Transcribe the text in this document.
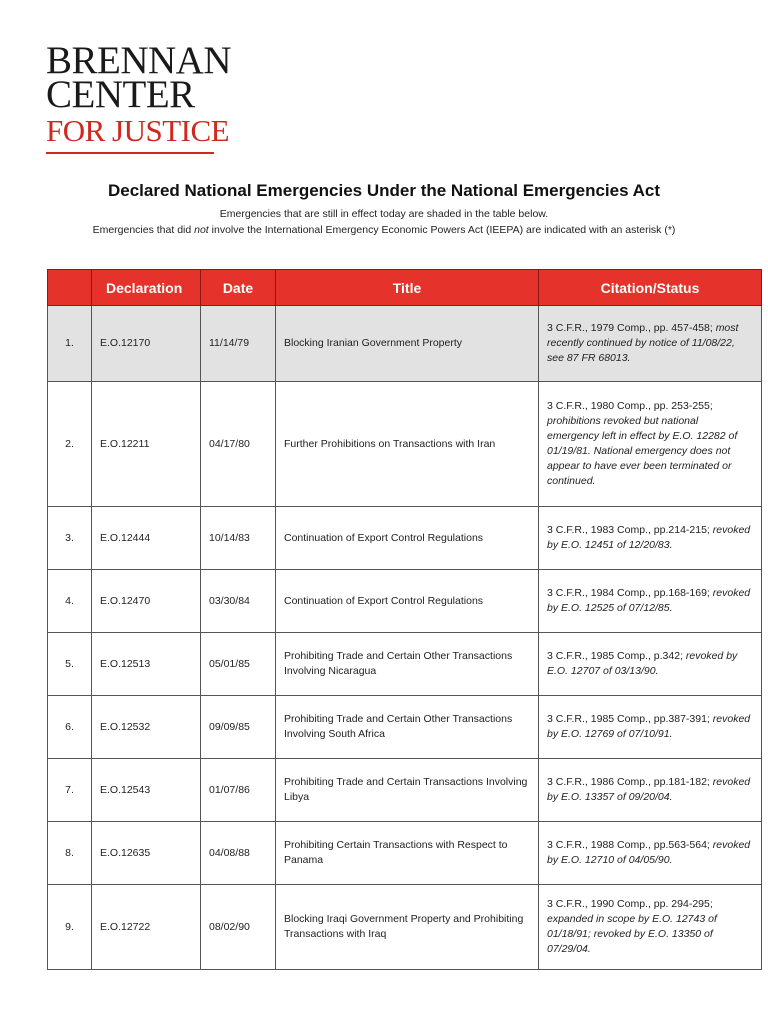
BRENNAN
CENTER
FOR JUSTICE
Declared National Emergencies Under the National Emergencies Act
Emergencies that are still in effect today are shaded in the table below.
Emergencies that did not involve the International Emergency Economic Powers Act (IEEPA) are indicated with an asterisk (*)
	Declaration	Date	Title	Citation/Status
1.	E.O.12170	11/14/79	Blocking Iranian Government Property	3 C.F.R., 1979 Comp., pp. 457-458; most recently continued by notice of 11/08/22, see 87 FR 68013.
2.	E.O.12211	04/17/80	Further Prohibitions on Transactions with Iran	3 C.F.R., 1980 Comp., pp. 253-255; prohibitions revoked but national emergency left in effect by E.O. 12282 of 01/19/81. National emergency does not appear to have ever been terminated or continued.
3.	E.O.12444	10/14/83	Continuation of Export Control Regulations	3 C.F.R., 1983 Comp., pp.214-215; revoked by E.O. 12451 of 12/20/83.
4.	E.O.12470	03/30/84	Continuation of Export Control Regulations	3 C.F.R., 1984 Comp., pp.168-169; revoked by E.O. 12525 of 07/12/85.
5.	E.O.12513	05/01/85	Prohibiting Trade and Certain Other Transactions Involving Nicaragua	3 C.F.R., 1985 Comp., p.342; revoked by E.O. 12707 of 03/13/90.
6.	E.O.12532	09/09/85	Prohibiting Trade and Certain Other Transactions Involving South Africa	3 C.F.R., 1985 Comp., pp.387-391; revoked by E.O. 12769 of 07/10/91.
7.	E.O.12543	01/07/86	Prohibiting Trade and Certain Transactions Involving Libya	3 C.F.R., 1986 Comp., pp.181-182; revoked by E.O. 13357 of 09/20/04.
8.	E.O.12635	04/08/88	Prohibiting Certain Transactions with Respect to Panama	3 C.F.R., 1988 Comp., pp.563-564; revoked by E.O. 12710 of 04/05/90.
9.	E.O.12722	08/02/90	Blocking Iraqi Government Property and Prohibiting Transactions with Iraq	3 C.F.R., 1990 Comp., pp. 294-295; expanded in scope by E.O. 12743 of 01/18/91; revoked by E.O. 13350 of 07/29/04.
